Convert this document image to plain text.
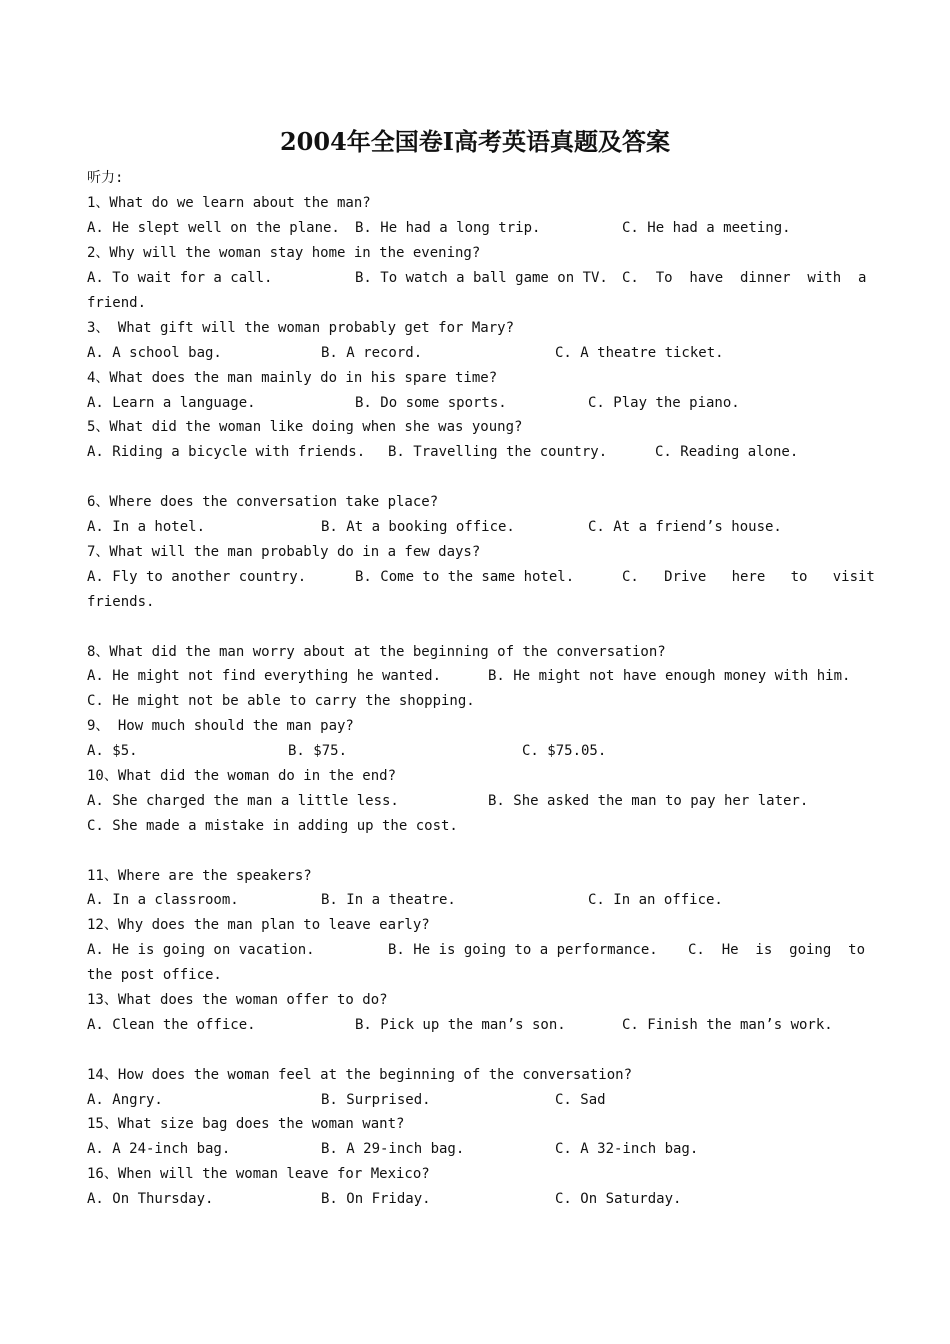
2004年全国卷I高考英语真题及答案
听力:
1、What do we learn about the man?

A. He slept well on the plane.

B. He had a long trip.

	C. He had a meeting.

2、Why will the woman stay home in the evening?

A. To wait for a call.

	B. To watch a ball game on TV.

C.  To  have  dinner  with  a

friend.
3、 What gift will the woman probably get for Mary?

A. A school bag.

	B. A record.

	C. A theatre ticket.

4、What does the man mainly do in his spare time?

A. Learn a language.

	B. Do some sports.

	C. Play the piano.

5、What did the woman like doing when she was young?

A. Riding a bicycle with friends.

B. Travelling the country.

	C. Reading alone.

6、Where does the conversation take place?

A. In a hotel.

	B. At a booking office.

	C. At a friend’s house.

7、What will the man probably do in a few days?

A. Fly to another country.

	B. Come to the same hotel.

	C.   Drive   here   to   visit

friends.
8、What did the man worry about at the beginning of the conversation?

A. He might not find everything he wanted.

	B. He might not have enough money with him.

C. He might not be able to carry the shopping.
9、 How much should the man pay?

A. $5.

	B. $75.

	C. $75.05.

10、What did the woman do in the end?

A. She charged the man a little less.

	B. She asked the man to pay her later.

C. She made a mistake in adding up the cost.
11、Where are the speakers?

A. In a classroom.

	B. In a theatre.

	C. In an office.

12、Why does the man plan to leave early?

A. He is going on vacation.

	B. He is going to a performance.

C.  He  is  going  to

the post office.
13、What does the woman offer to do?

A. Clean the office.

	B. Pick up the man’s son.

	C. Finish the man’s work.

14、How does the woman feel at the beginning of the conversation?

A. Angry.

	B. Surprised.

	C. Sad

15、What size bag does the woman want?

A. A 24-inch bag.

	B. A 29-inch bag.

	C. A 32-inch bag.

16、When will the woman leave for Mexico?

A. On Thursday.

	B. On Friday.

	C. On Saturday.
